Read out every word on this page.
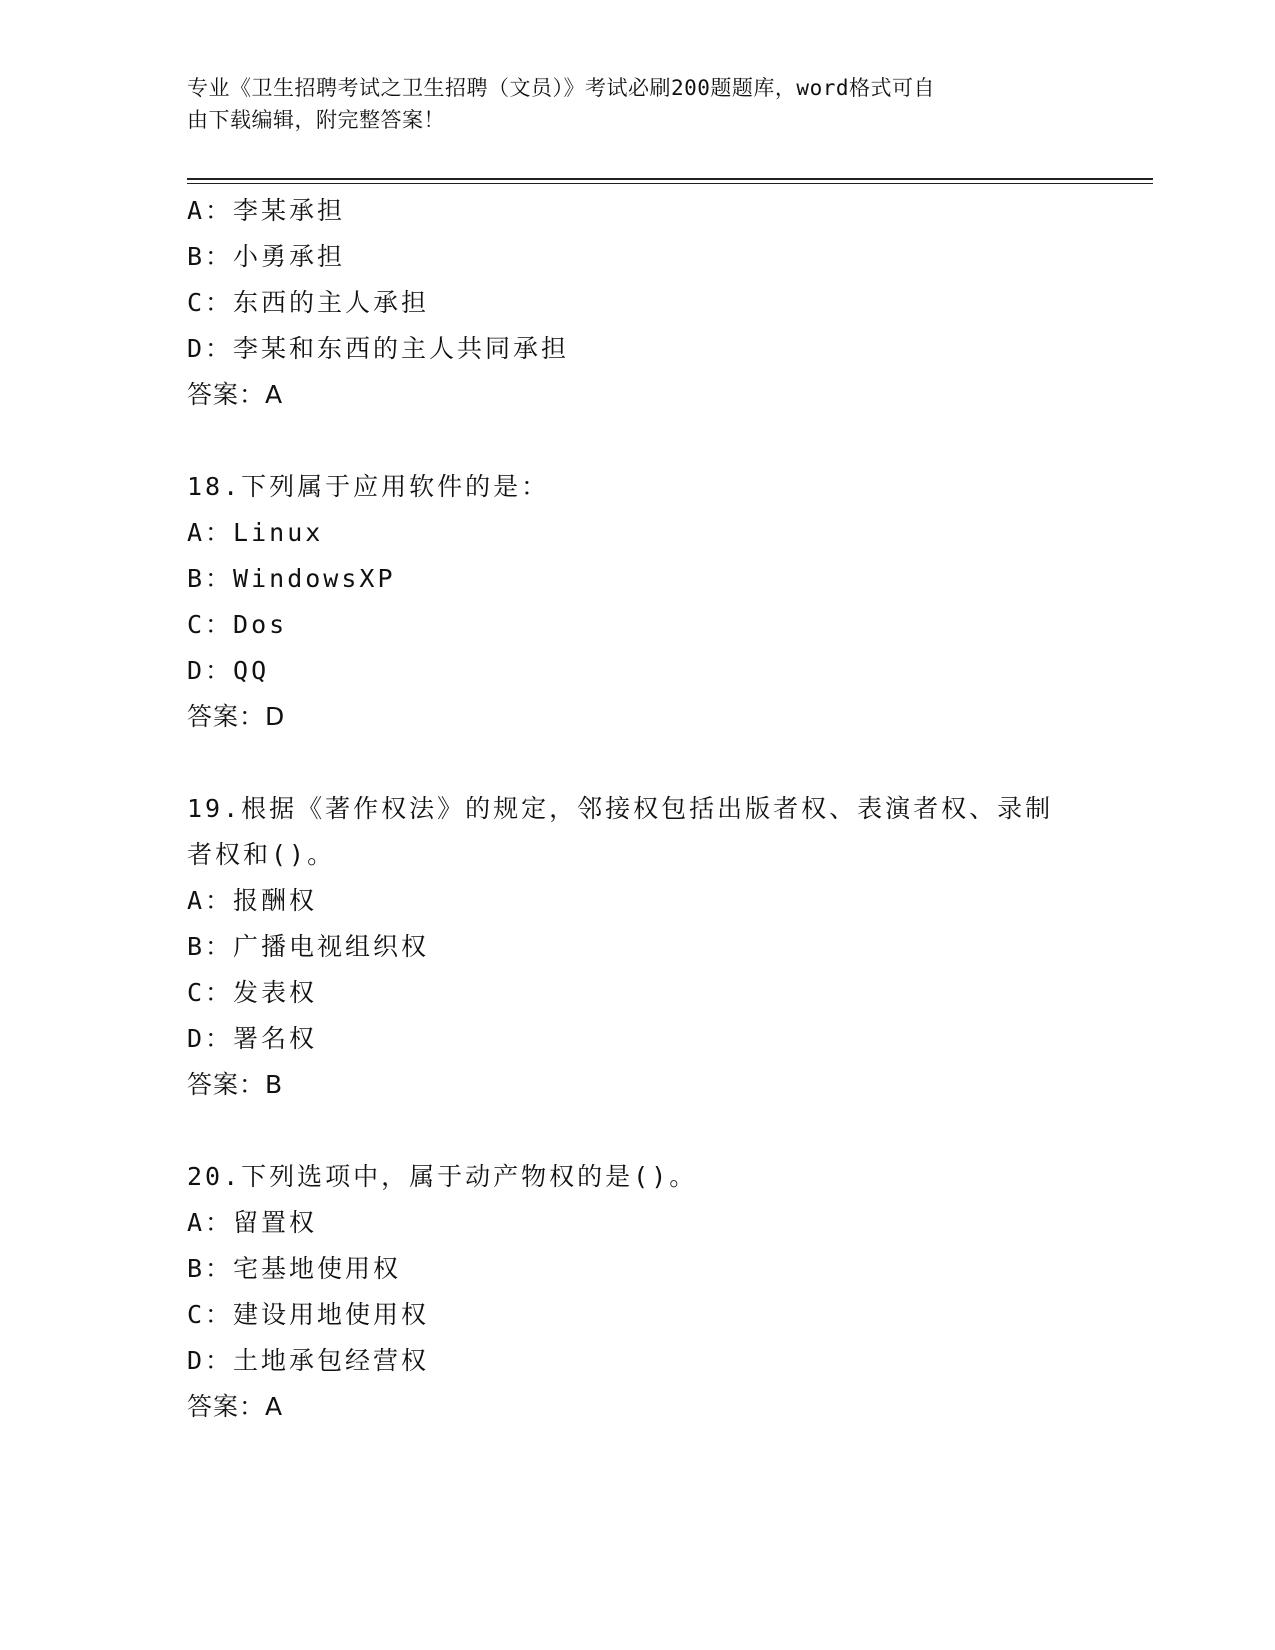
专业《卫生招聘考试之卫生招聘（文员）》考试必刷200题题库，word格式可自
由下载编辑，附完整答案！
A：李某承担
B：小勇承担
C：东西的主人承担
D：李某和东西的主人共同承担
答案：A
18.下列属于应用软件的是：
A：Linux
B：WindowsXP
C：Dos
D：QQ
答案：D
19.根据《著作权法》的规定，邻接权包括出版者权、表演者权、录制
者权和()。
A：报酬权
B：广播电视组织权
C：发表权
D：署名权
答案：B
20.下列选项中，属于动产物权的是()。
A：留置权
B：宅基地使用权
C：建设用地使用权
D：土地承包经营权
答案：A
